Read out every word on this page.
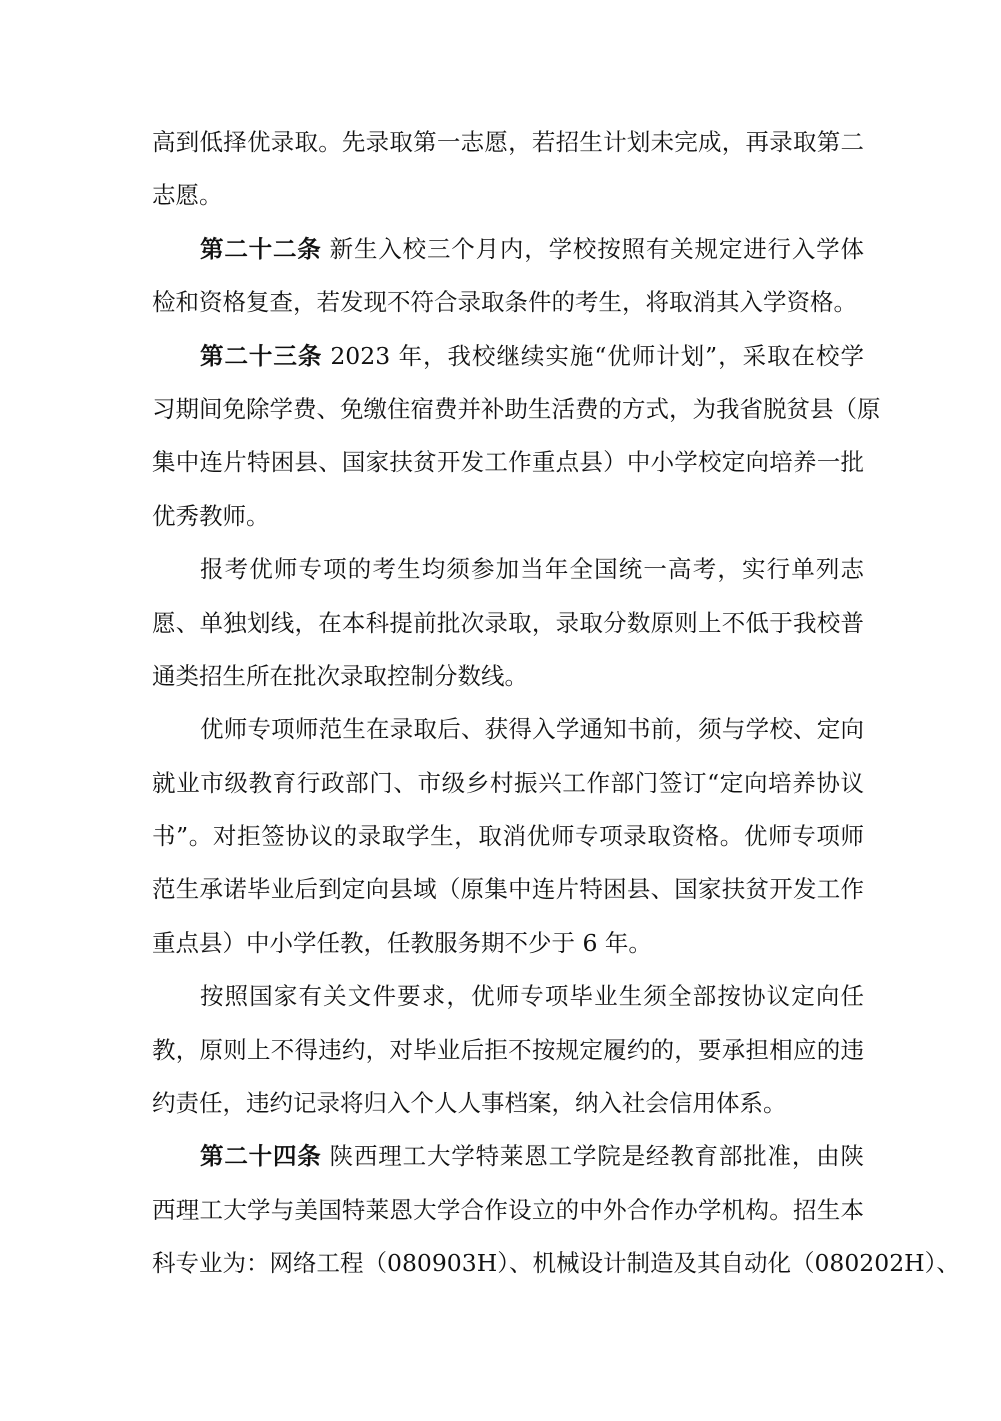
高到低择优录取。先录取第一志愿，若招生计划未完成，再录取第二
志愿。
第二十二条 新生入校三个月内，学校按照有关规定进行入学体
检和资格复查，若发现不符合录取条件的考生，将取消其入学资格。
第二十三条 2023 年，我校继续实施“优师计划”，采取在校学
习期间免除学费、免缴住宿费并补助生活费的方式，为我省脱贫县（原
集中连片特困县、国家扶贫开发工作重点县）中小学校定向培养一批
优秀教师。
报考优师专项的考生均须参加当年全国统一高考，实行单列志
愿、单独划线，在本科提前批次录取，录取分数原则上不低于我校普
通类招生所在批次录取控制分数线。
优师专项师范生在录取后、获得入学通知书前，须与学校、定向
就业市级教育行政部门、市级乡村振兴工作部门签订“定向培养协议
书”。对拒签协议的录取学生，取消优师专项录取资格。优师专项师
范生承诺毕业后到定向县域（原集中连片特困县、国家扶贫开发工作
重点县）中小学任教，任教服务期不少于 6 年。
按照国家有关文件要求，优师专项毕业生须全部按协议定向任
教，原则上不得违约，对毕业后拒不按规定履约的，要承担相应的违
约责任，违约记录将归入个人人事档案，纳入社会信用体系。
第二十四条 陕西理工大学特莱恩工学院是经教育部批准，由陕
西理工大学与美国特莱恩大学合作设立的中外合作办学机构。招生本
科专业为：网络工程（080903H）、机械设计制造及其自动化（080202H）、
